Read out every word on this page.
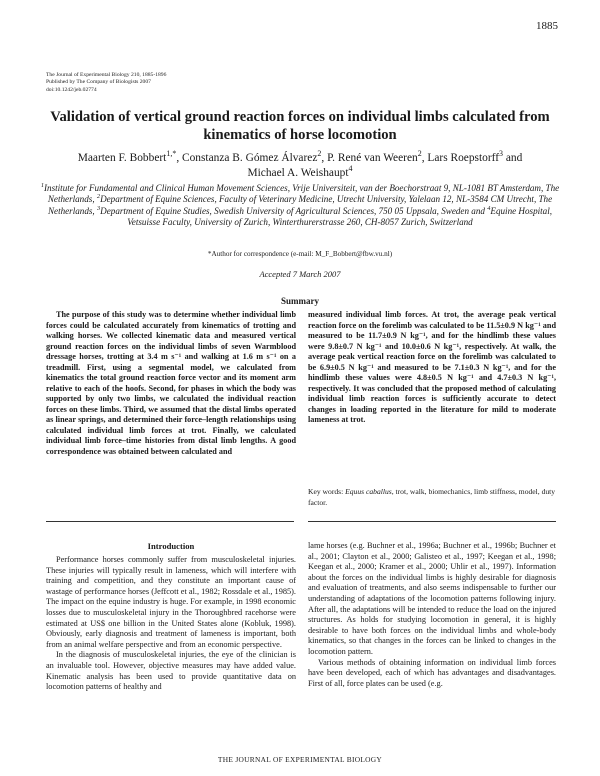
1885
The Journal of Experimental Biology 210, 1885-1896
Published by The Company of Biologists 2007
doi:10.1242/jeb.02774
Validation of vertical ground reaction forces on individual limbs calculated from kinematics of horse locomotion
Maarten F. Bobbert$^{1,*}$, Constanza B. Gómez Álvarez$^2$, P. René van Weeren$^2$, Lars Roepstorff$^3$ and
Michael A. Weishaupt$^4$
$^1$Institute for Fundamental and Clinical Human Movement Sciences, Vrije Universiteit, van der Boechorstraat 9, NL-1081 BT Amsterdam, The Netherlands, $^2$Department of Equine Sciences, Faculty of Veterinary Medicine, Utrecht University, Yalelaan 12, NL-3584 CM Utrecht, The Netherlands, $^3$Department of Equine Studies, Swedish University of Agricultural Sciences, 750 05 Uppsala, Sweden and $^4$Equine Hospital, Vetsuisse Faculty, University of Zurich, Winterthurerstrasse 260, CH-8057 Zurich, Switzerland
*Author for correspondence (e-mail: M_F_Bobbert@fbw.vu.nl)
Accepted 7 March 2007
Summary

The purpose of this study was to determine whether individual limb forces could be calculated accurately from kinematics of trotting and walking horses. We collected kinematic data and measured vertical ground reaction forces on the individual limbs of seven Warmblood dressage horses, trotting at 3.4 m s⁻¹ and walking at 1.6 m s⁻¹ on a treadmill. First, using a segmental model, we calculated from kinematics the total ground reaction force vector and its moment arm relative to each of the hoofs. Second, for phases in which the body was supported by only two limbs, we calculated the individual reaction forces on these limbs. Third, we assumed that the distal limbs operated as linear springs, and determined their force–length relationships using calculated individual limb forces at trot. Finally, we calculated individual limb force–time histories from distal limb lengths. A good correspondence was obtained between calculated and

measured individual limb forces. At trot, the average peak vertical reaction force on the forelimb was calculated to be 11.5±0.9 N kg⁻¹ and measured to be 11.7±0.9 N kg⁻¹, and for the hindlimb these values were 9.8±0.7 N kg⁻¹ and 10.0±0.6 N kg⁻¹, respectively. At walk, the average peak vertical reaction force on the forelimb was calculated to be 6.9±0.5 N kg⁻¹ and measured to be 7.1±0.3 N kg⁻¹, and for the hindlimb these values were 4.8±0.5 N kg⁻¹ and 4.7±0.3 N kg⁻¹, respectively. It was concluded that the proposed method of calculating individual limb reaction forces is sufficiently accurate to detect changes in loading reported in the literature for mild to moderate lameness at trot.

Key words: Equus caballus, trot, walk, biomechanics, limb stiffness, model, duty factor.
Introduction

Performance horses commonly suffer from musculoskeletal injuries. These injuries will typically result in lameness, which will interfere with training and competition, and they constitute an important cause of wastage of performance horses (Jeffcott et al., 1982; Rossdale et al., 1985). The impact on the equine industry is huge. For example, in 1998 economic losses due to musculoskeletal injury in the Thoroughbred racehorse were estimated at US$ one billion in the United States alone (Kobluk, 1998). Obviously, early diagnosis and treatment of lameness is important, both from an animal welfare perspective and from an economic perspective.

In the diagnosis of musculoskeletal injuries, the eye of the clinician is an invaluable tool. However, objective measures may have added value. Kinematic analysis has been used to provide quantitative data on locomotion patterns of healthy and

lame horses (e.g. Buchner et al., 1996a; Buchner et al., 1996b; Buchner et al., 2001; Clayton et al., 2000; Galisteo et al., 1997; Keegan et al., 1998; Keegan et al., 2000; Kramer et al., 2000; Uhlir et al., 1997). Information about the forces on the individual limbs is highly desirable for diagnosis and evaluation of treatments, and also seems indispensable to further our understanding of adaptations of the locomotion patterns following injury. After all, the adaptations will be intended to reduce the load on the injured structures. As holds for studying locomotion in general, it is highly desirable to have both forces on the individual limbs and whole-body kinematics, so that changes in the forces can be linked to changes in the locomotion pattern.

Various methods of obtaining information on individual limb forces have been developed, each of which has advantages and disadvantages. First of all, force plates can be used (e.g.

THE JOURNAL OF EXPERIMENTAL BIOLOGY
